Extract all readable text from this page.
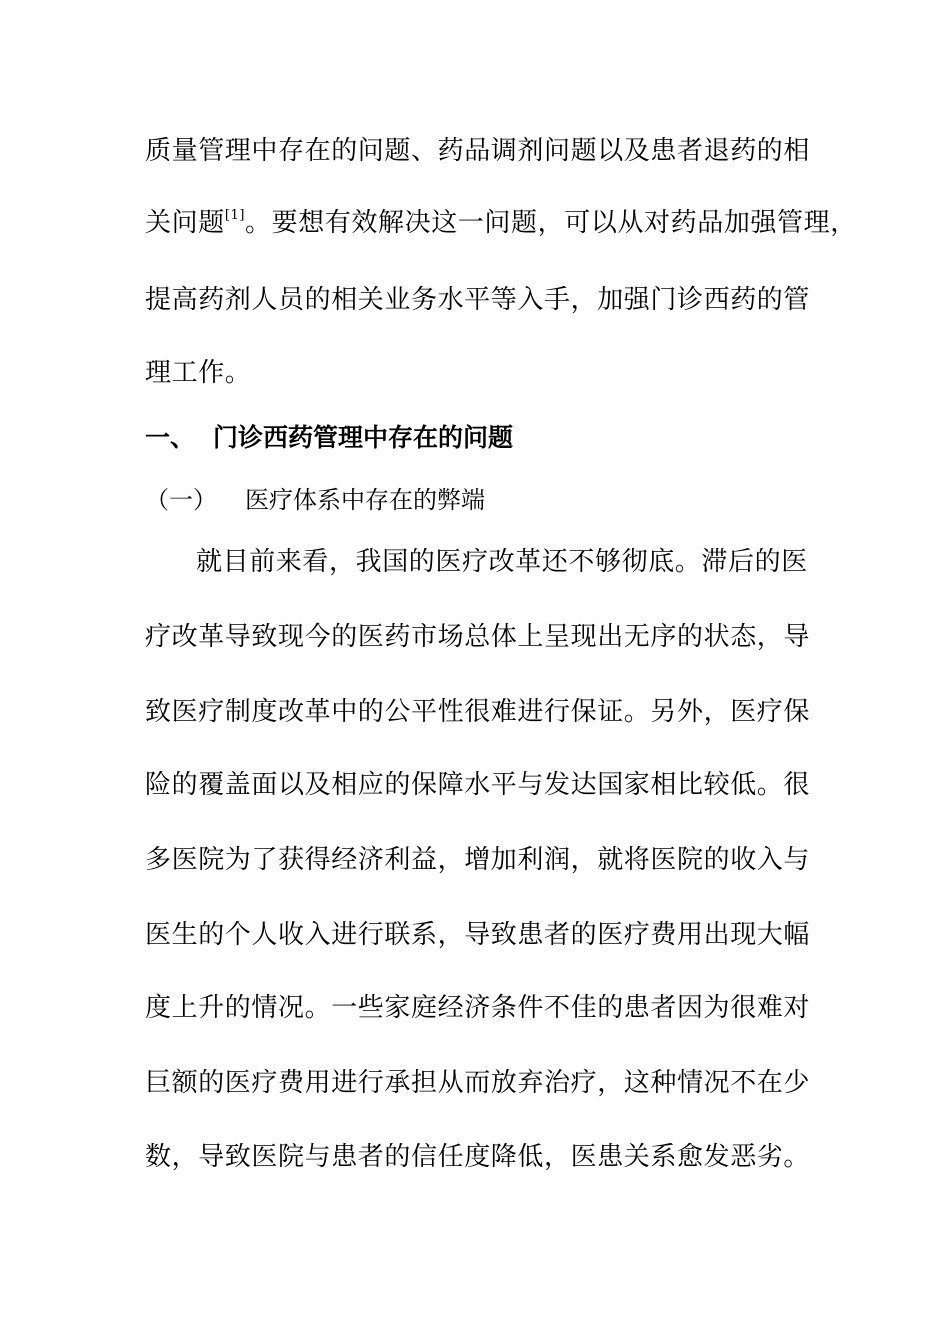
质量管理中存在的问题、药品调剂问题以及患者退药的相
关问题[1]。要想有效解决这一问题，可以从对药品加强管理，
提高药剂人员的相关业务水平等入手，加强门诊西药的管
理工作。
一、 门诊西药管理中存在的问题
（一） 医疗体系中存在的弊端
就目前来看，我国的医疗改革还不够彻底。滞后的医
疗改革导致现今的医药市场总体上呈现出无序的状态，导
致医疗制度改革中的公平性很难进行保证。另外，医疗保
险的覆盖面以及相应的保障水平与发达国家相比较低。很
多医院为了获得经济利益，增加利润，就将医院的收入与
医生的个人收入进行联系，导致患者的医疗费用出现大幅
度上升的情况。一些家庭经济条件不佳的患者因为很难对
巨额的医疗费用进行承担从而放弃治疗，这种情况不在少
数，导致医院与患者的信任度降低，医患关系愈发恶劣。
